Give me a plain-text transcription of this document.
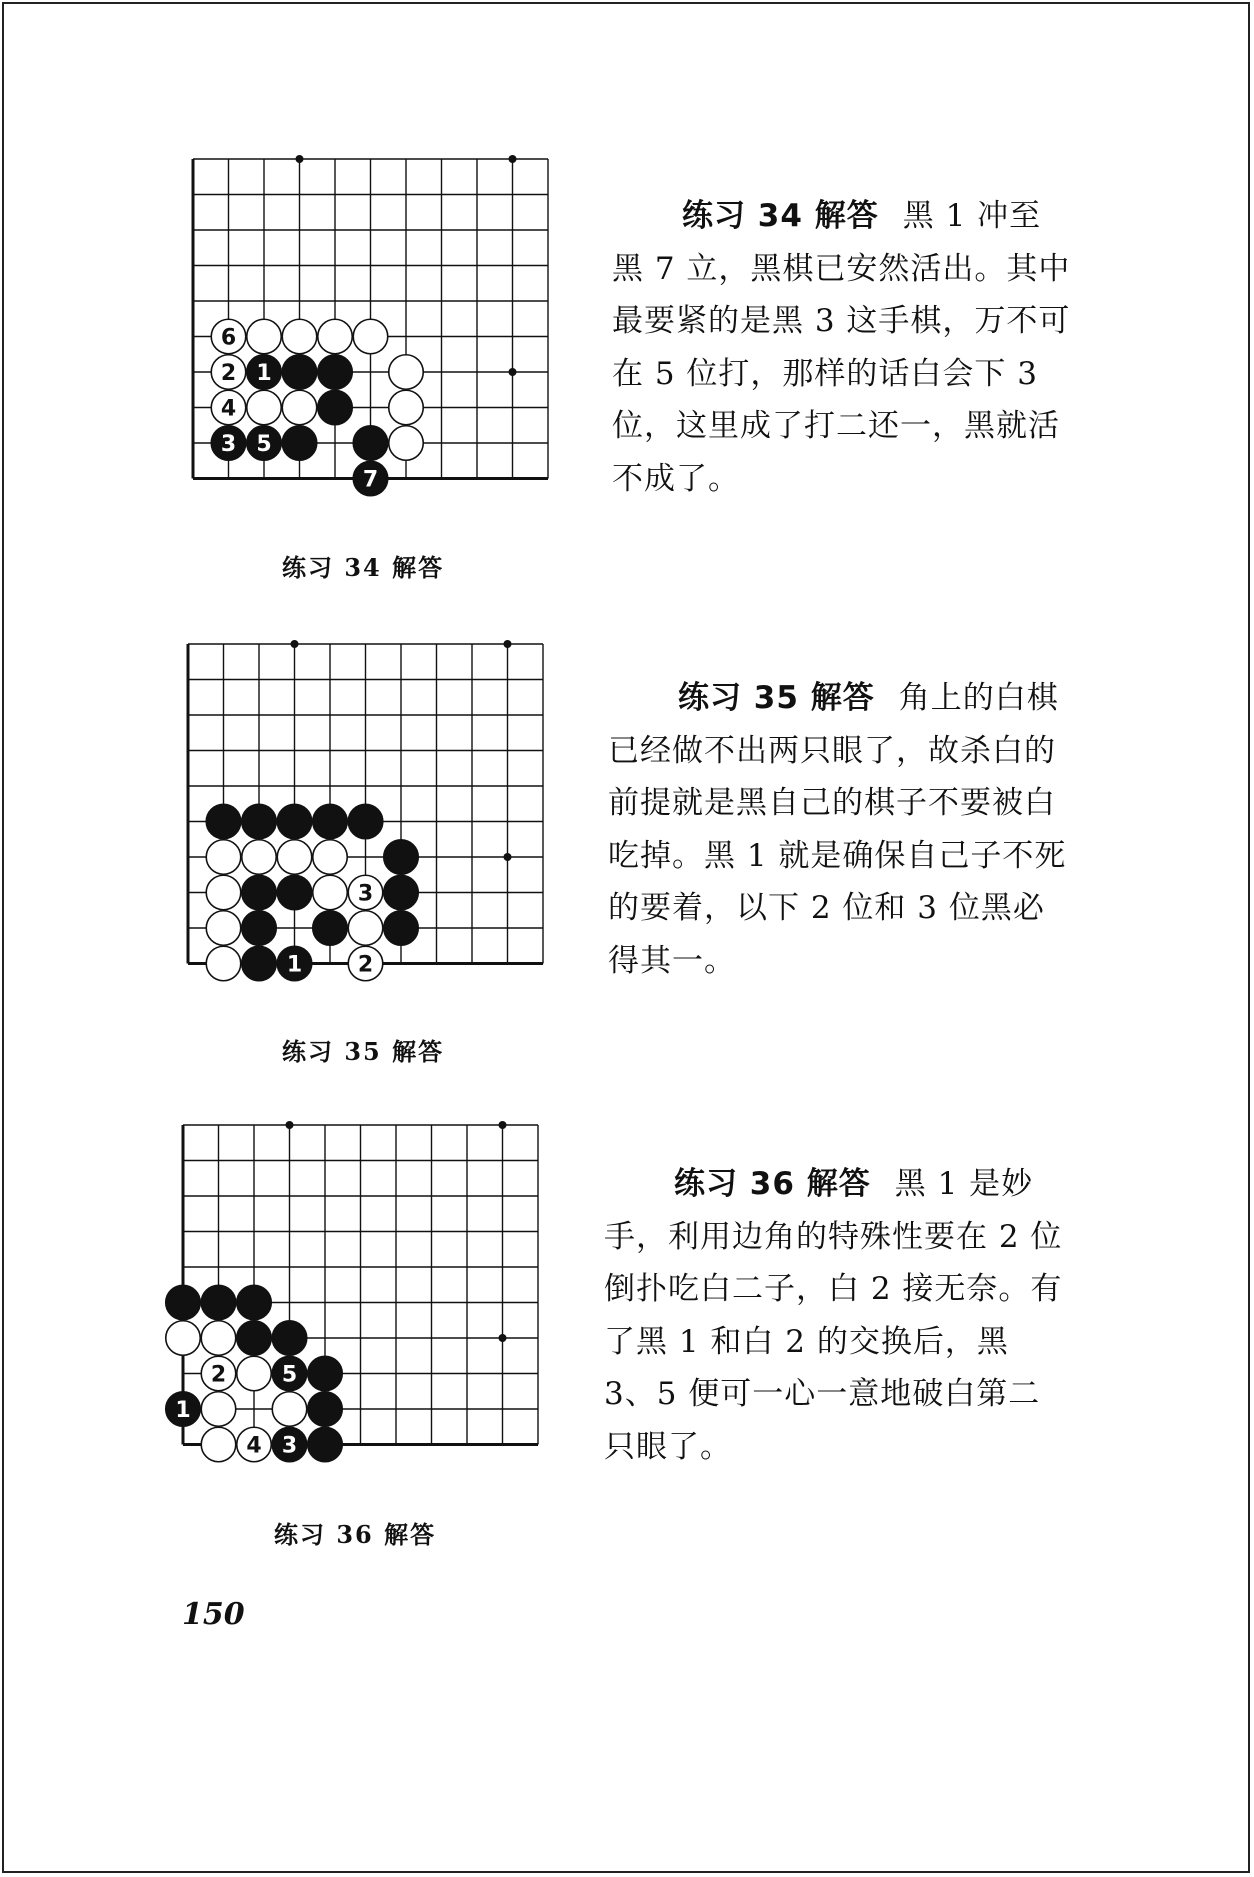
6
2 1
4
3 5
7
练习 34 解答
练习 34 解答 黑 1 冲至黑 7 立，黑棋已安然活出。其中最要紧的是黑 3 这手棋，万不可在 5 位打，那样的话白会下 3 位，这里成了打二还一，黑就活不成了。
3
1	2
练习 35 解答
练习 35 解答 角上的白棋已经做不出两只眼了，故杀白的前提就是黑自己的棋子不要被白吃掉。黑 1 就是确保自己子不死的要着，以下 2 位和 3 位黑必得其一。
2	5
1
4 3
练习 36 解答
练习 36 解答 黑 1 是妙手，利用边角的特殊性要在 2 位倒扑吃白二子，白 2 接无奈。有了黑 1 和白 2 的交换后，黑 3、5 便可一心一意地破白第二只眼了。
150
